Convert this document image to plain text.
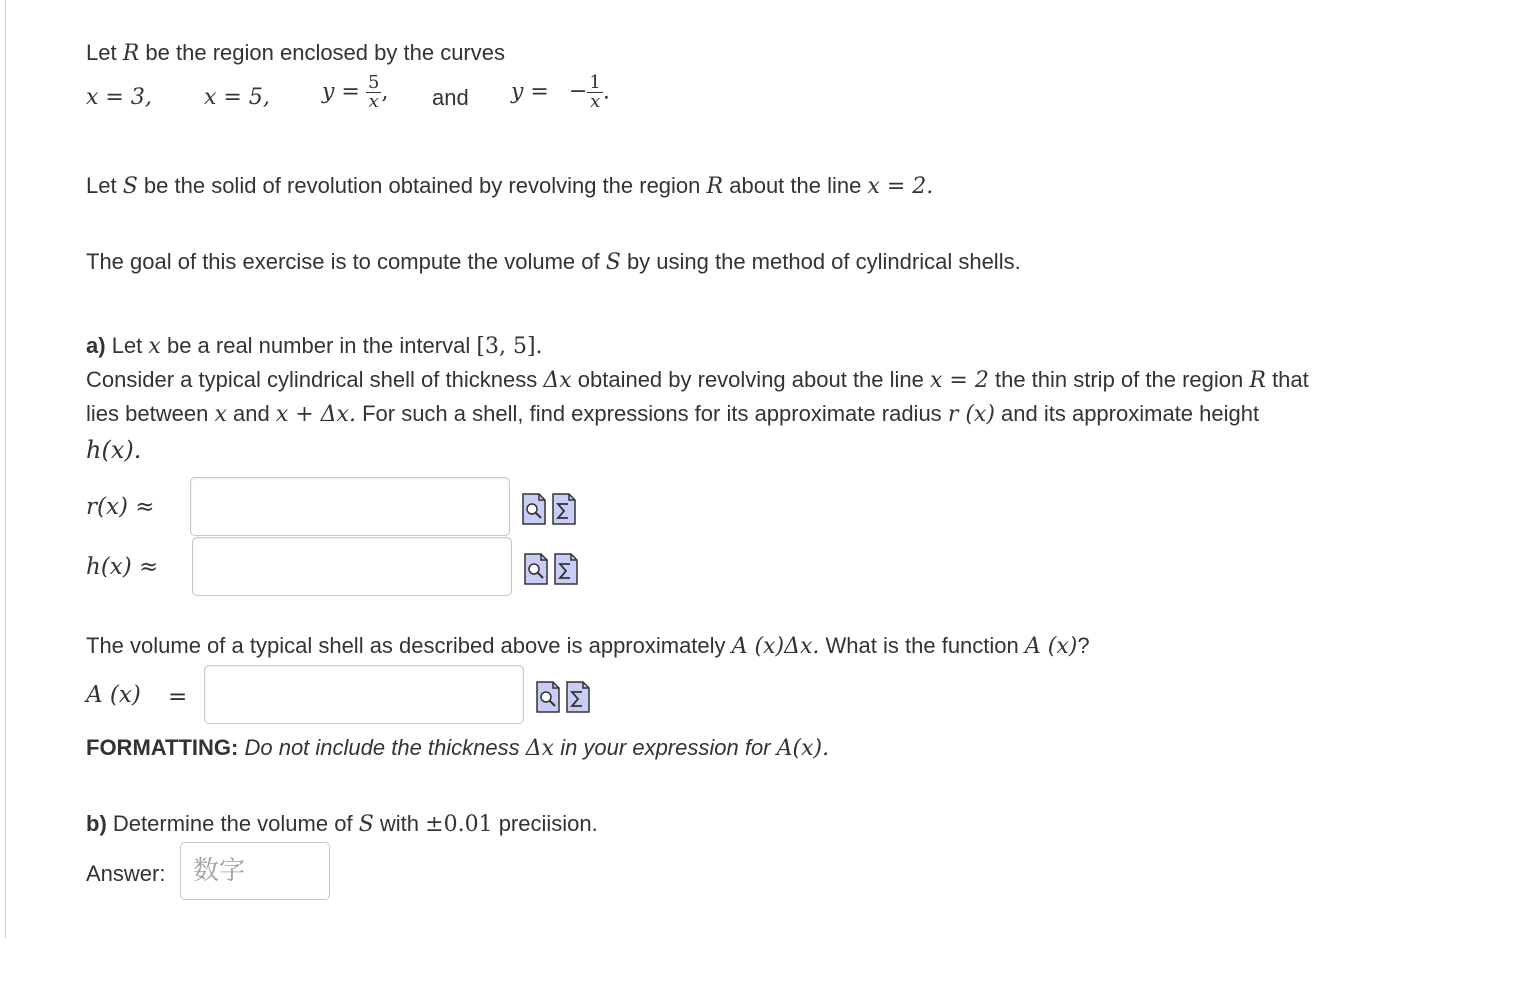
Let R be the region enclosed by the curves
x = 3, x = 5, $y = \frac{5}{x}$ , and y = − $\frac{1}{x}$ .
Let S be the solid of revolution obtained by revolving the region R about the line x = 2.
The goal of this exercise is to compute the volume of S by using the method of cylindrical shells.
a) Let x be a real number in the interval [3, 5].
Consider a typical cylindrical shell of thickness Δx obtained by revolving about the line x = 2 the thin strip of the region R that
lies between x and x + Δx. For such a shell, find expressions for its approximate radius r (x) and its approximate height
h(x).
r(x) ≈
h(x) ≈
The volume of a typical shell as described above is approximately A (x)Δx. What is the function A (x)?
A (x) =
FORMATTING: Do not include the thickness Δx in your expression for A(x).
b) Determine the volume of S with ±0.01 preciision.
Answer:
数字
